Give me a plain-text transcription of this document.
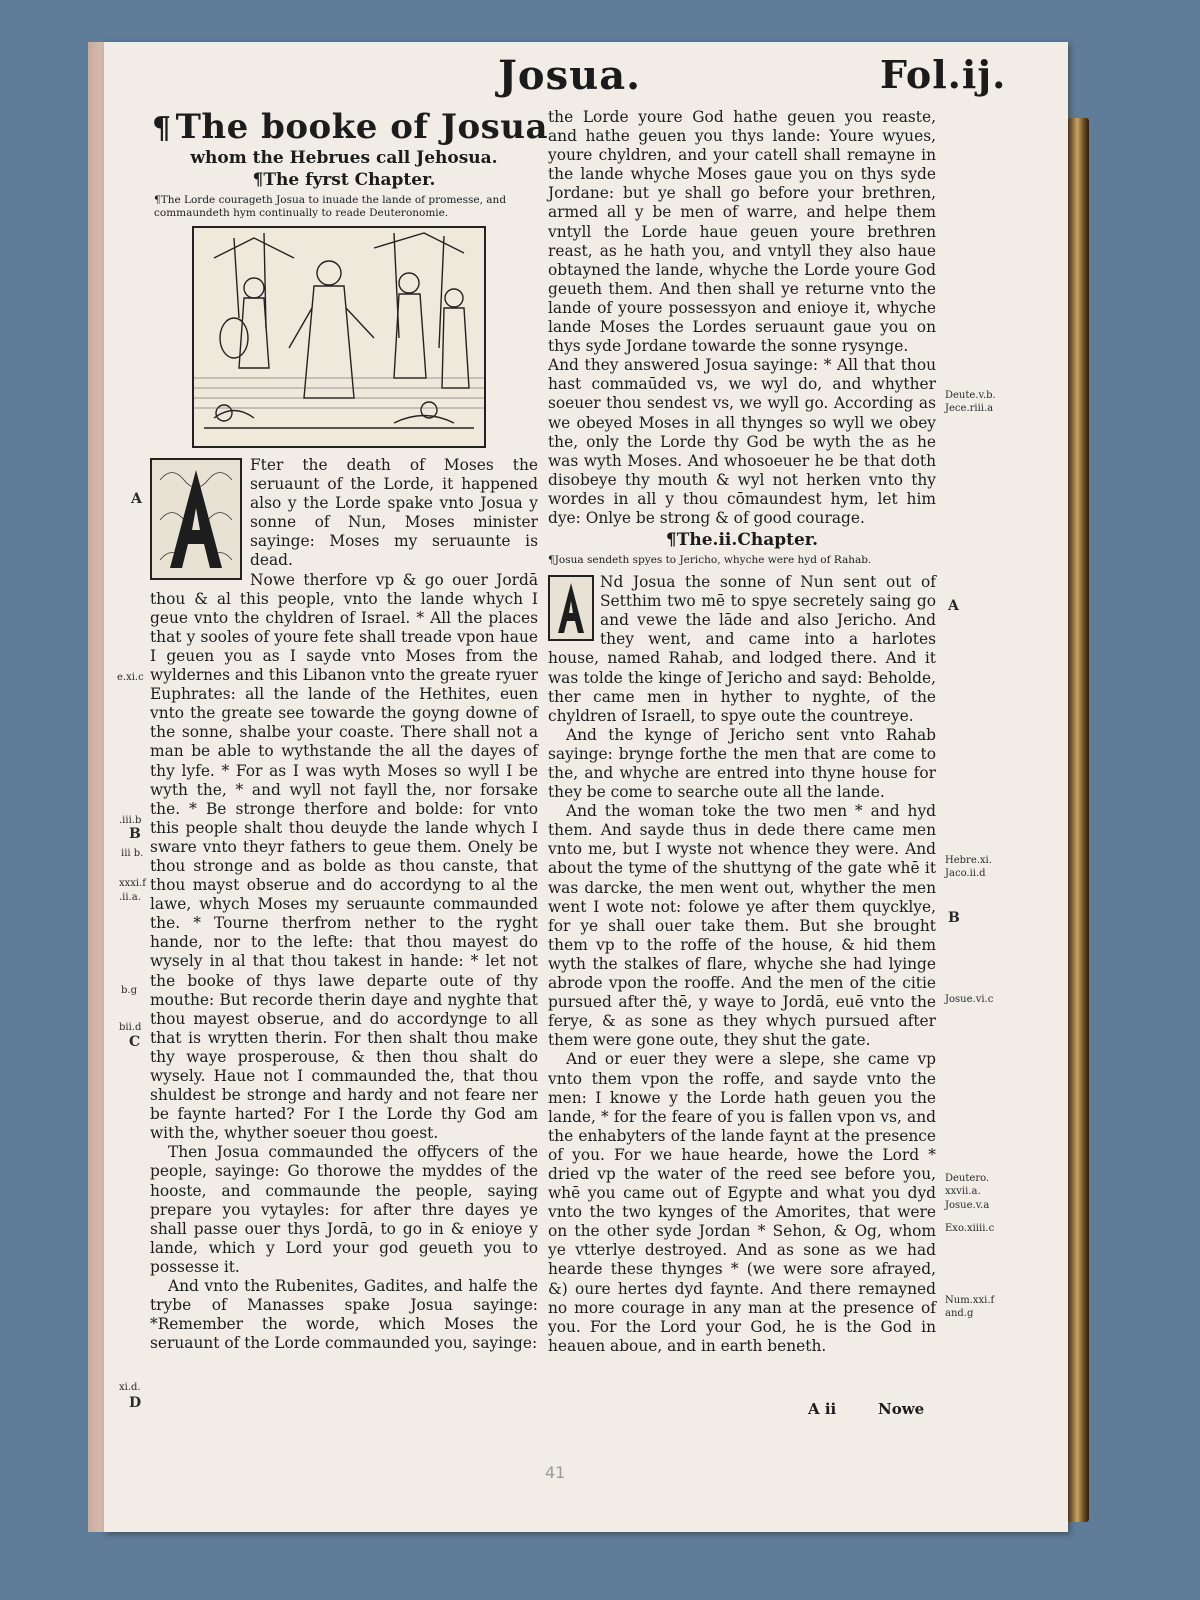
Josua.	Fol.ij.
¶ The booke of Josua
whom the Hebrues call Jehosua.
¶The fyrst Chapter.
¶The Lorde courageth Josua to inuade the lande of promesse, and commaundeth hym continually to reade Deuteronomie.

Fter the death of Moses the seruaunt of the Lorde, it happened also y the Lorde spake vnto Josua y sonne of Nun, Moses minister sayinge: Moses my seruaunte is dead.

Nowe therfore vp & go ouer Jordā thou & al this people, vnto the lande whych I geue vnto the chyldren of Israel. * All the places that y sooles of youre fete shall treade vpon haue I geuen you as I sayde vnto Moses from the wyldernes and this Libanon vnto the greate ryuer Euphrates: all the lande of the Hethites, euen vnto the greate see towarde the goyng downe of the sonne, shalbe your coaste. There shall not a man be able to wythstande the all the dayes of thy lyfe. * For as I was wyth Moses so wyll I be wyth the, * and wyll not fayll the, nor forsake the. * Be stronge therfore and bolde: for vnto this people shalt thou deuyde the lande whych I sware vnto theyr fathers to geue them. Onely be thou stronge and as bolde as thou canste, that thou mayst obserue and do accordyng to al the lawe, whych Moses my seruaunte commaunded the. * Tourne therfrom nether to the ryght hande, nor to the lefte: that thou mayest do wysely in al that thou takest in hande: * let not the booke of thys lawe departe oute of thy mouthe: But recorde therin daye and nyghte that thou mayest obserue, and do accordynge to all that is wrytten therin. For then shalt thou make thy waye prosperouse, & then thou shalt do wysely. Haue not I commaunded the, that thou shuldest be stronge and hardy and not feare ner be faynte harted? For I the Lorde thy God am with the, whyther soeuer thou goest.

Then Josua commaunded the offycers of the people, sayinge: Go thorowe the myddes of the hooste, and commaunde the people, saying prepare you vytayles: for after thre dayes ye shall passe ouer thys Jordā, to go in & enioye y lande, which y Lord your god geueth you to possesse it.

And vnto the Rubenites, Gadites, and halfe the trybe of Manasses spake Josua sayinge: *Remember the worde, which Moses the seruaunt of the Lorde commaunded you, sayinge:

the Lorde youre God hathe geuen you reaste, and hathe geuen you thys lande: Youre wyues, youre chyldren, and your catell shall remayne in the lande whyche Moses gaue you on thys syde Jordane: but ye shall go before your brethren, armed all y be men of warre, and helpe them vntyll the Lorde haue geuen youre brethren reast, as he hath you, and vntyll they also haue obtayned the lande, whyche the Lorde youre God geueth them. And then shall ye returne vnto the lande of youre possessyon and enioye it, whyche lande Moses the Lordes seruaunt gaue you on thys syde Jordane towarde the sonne rysynge.

And they answered Josua sayinge: * All that thou hast commaūded vs, we wyl do, and whyther soeuer thou sendest vs, we wyll go. According as we obeyed Moses in all thynges so wyll we obey the, only the Lorde thy God be wyth the as he was wyth Moses. And whosoeuer he be that doth disobeye thy mouth & wyl not herken vnto thy wordes in all y thou cōmaundest hym, let him dye: Onlye be strong & of good courage.

¶The.ii.Chapter.
¶Josua sendeth spyes to Jericho, whyche were hyd of Rahab.

Nd Josua the sonne of Nun sent out of Setthim two mē to spye secretely saing go and vewe the lāde and also Jericho. And they went, and came into a harlotes house, named Rahab, and lodged there. And it was tolde the kinge of Jericho and sayd: Beholde, ther came men in hyther to nyghte, of the chyldren of Israell, to spye oute the countreye.

And the kynge of Jericho sent vnto Rahab sayinge: brynge forthe the men that are come to the, and whyche are entred into thyne house for they be come to searche oute all the lande.

And the woman toke the two men * and hyd them. And sayde thus in dede there came men vnto me, but I wyste not whence they were. And about the tyme of the shuttyng of the gate whē it was darcke, the men went out, whyther the men went I wote not: folowe ye after them quycklye, for ye shall ouer take them. But she brought them vp to the roffe of the house, & hid them wyth the stalkes of flare, whyche she had lyinge abrode vpon the rooffe. And the men of the citie pursued after thē, y waye to Jordā, euē vnto the ferye, & as sone as they whych pursued after them were gone oute, they shut the gate.

And or euer they were a slepe, she came vp vnto them vpon the roffe, and sayde vnto the men: I knowe y the Lorde hath geuen you the lande, * for the feare of you is fallen vpon vs, and the enhabyters of the lande faynt at the presence of you. For we haue hearde, howe the Lord * dried vp the water of the reed see before you, whē you came out of Egypte and what you dyd vnto the two kynges of the Amorites, that were on the other syde Jordan * Sehon, & Og, whom ye vtterlye destroyed. And as sone as we had hearde these thynges * (we were sore afrayed, &) oure hertes dyd faynte. And there remayned no more courage in any man at the presence of you. For the Lord your God, he is the God in heauen aboue, and in earth beneth.

A ii	Nowe
A
e.xi.c
.iii.b
B
iii b.
xxxi.f
.ii.a.
b.g
bii.d
C
xi.d.
D
Deute.v.b.
Jece.riii.a
A
Hebre.xi.
Jaco.ii.d
B
Josue.vi.c
Deutero.
xxvii.a.
Josue.v.a
Exo.xiiii.c
Num.xxi.f
and.g
41
